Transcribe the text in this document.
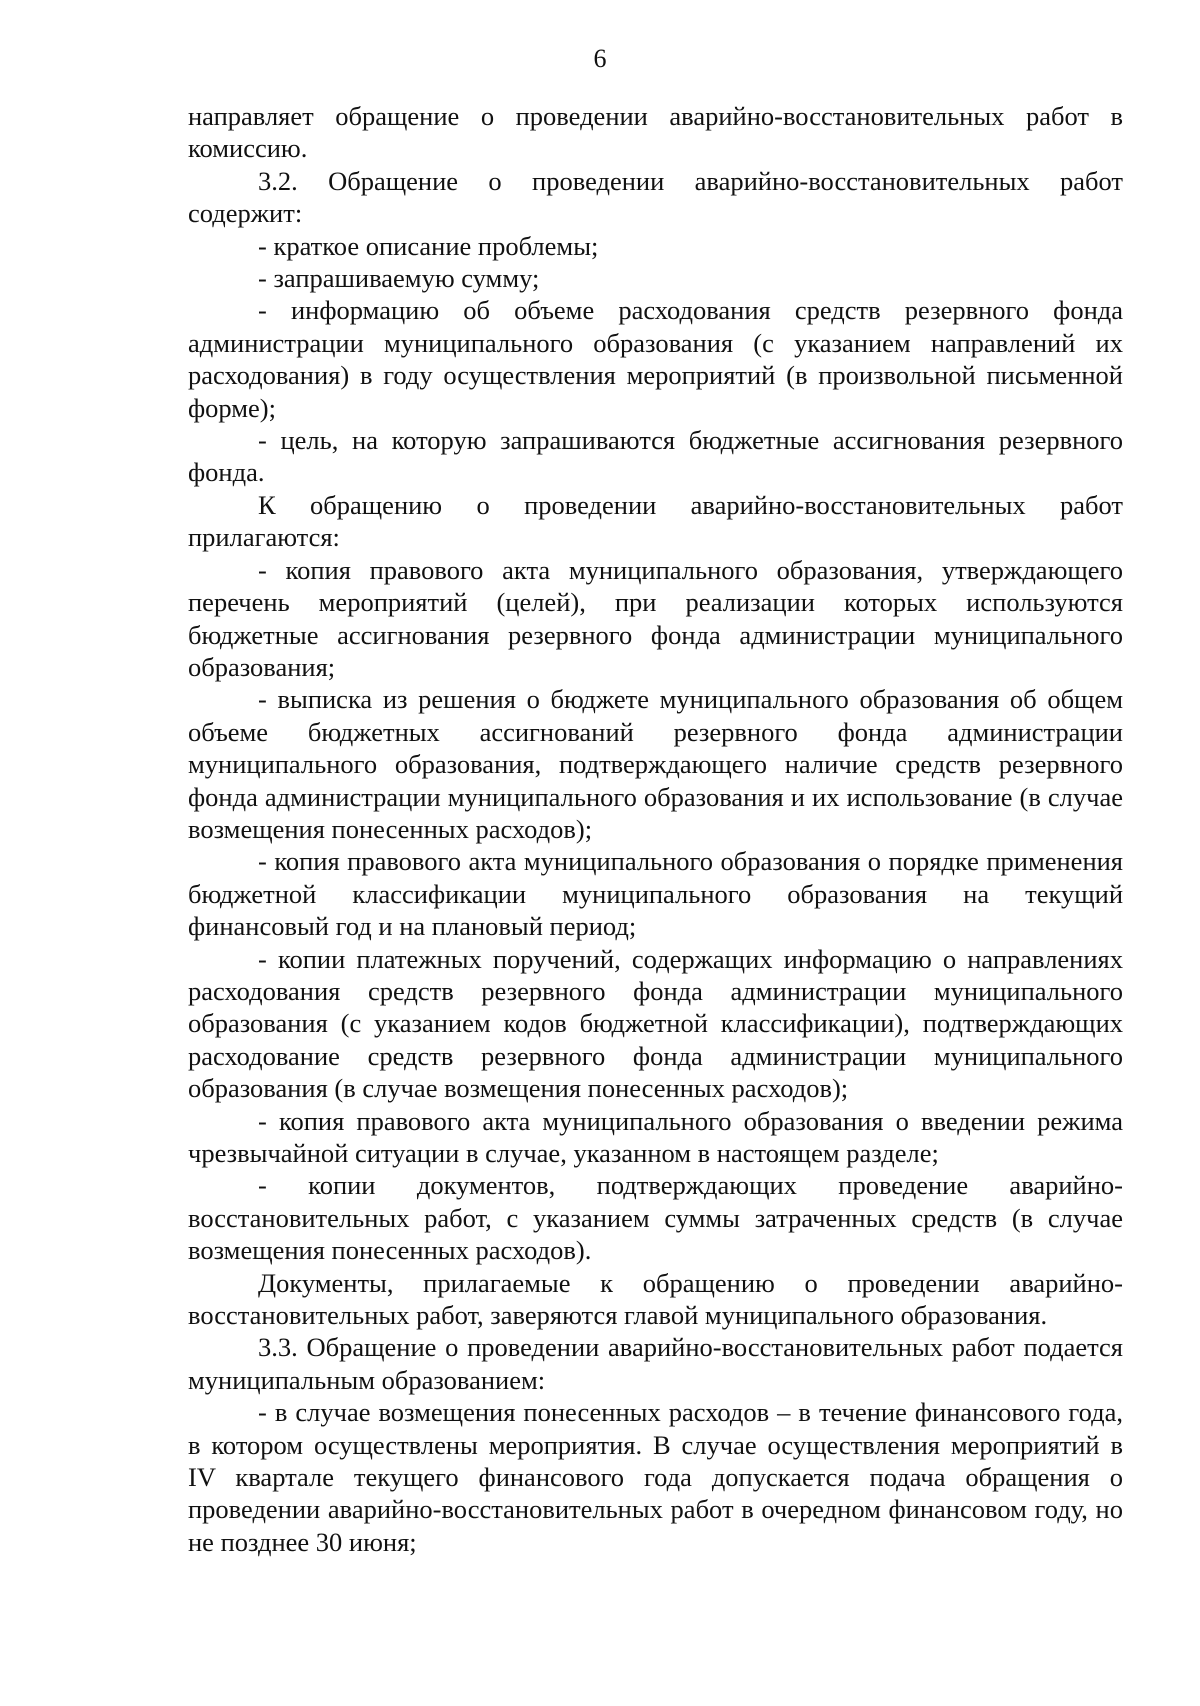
6

направляет обращение о проведении аварийно-восстановительных работ в комиссию.

3.2. Обращение о проведении аварийно-восстановительных работ содержит:

- краткое описание проблемы;

- запрашиваемую сумму;

- информацию об объеме расходования средств резервного фонда администрации муниципального образования (с указанием направлений их расходования) в году осуществления мероприятий (в произвольной письменной форме);

- цель, на которую запрашиваются бюджетные ассигнования резервного фонда.

К обращению о проведении аварийно-восстановительных работ прилагаются:

- копия правового акта муниципального образования, утверждающего перечень мероприятий (целей), при реализации которых используются бюджетные ассигнования резервного фонда администрации муниципального образования;

- выписка из решения о бюджете муниципального образования об общем объеме бюджетных ассигнований резервного фонда администрации муниципального образования, подтверждающего наличие средств резервного фонда администрации муниципального образования и их использование (в случае возмещения понесенных расходов);

- копия правового акта муниципального образования о порядке применения бюджетной классификации муниципального образования на текущий финансовый год и на плановый период;

- копии платежных поручений, содержащих информацию о направлениях расходования средств резервного фонда администрации муниципального образования (с указанием кодов бюджетной классификации), подтверждающих расходование средств резервного фонда администрации муниципального образования (в случае возмещения понесенных расходов);

- копия правового акта муниципального образования о введении режима чрезвычайной ситуации в случае, указанном в настоящем разделе;

- копии документов, подтверждающих проведение аварийно-восстановительных работ, с указанием суммы затраченных средств (в случае возмещения понесенных расходов).

Документы, прилагаемые к обращению о проведении аварийно-восстановительных работ, заверяются главой муниципального образования.

3.3. Обращение о проведении аварийно-восстановительных работ подается муниципальным образованием:

- в случае возмещения понесенных расходов – в течение финансового года, в котором осуществлены мероприятия. В случае осуществления мероприятий в IV квартале текущего финансового года допускается подача обращения о проведении аварийно-восстановительных работ в очередном финансовом году, но не позднее 30 июня;
